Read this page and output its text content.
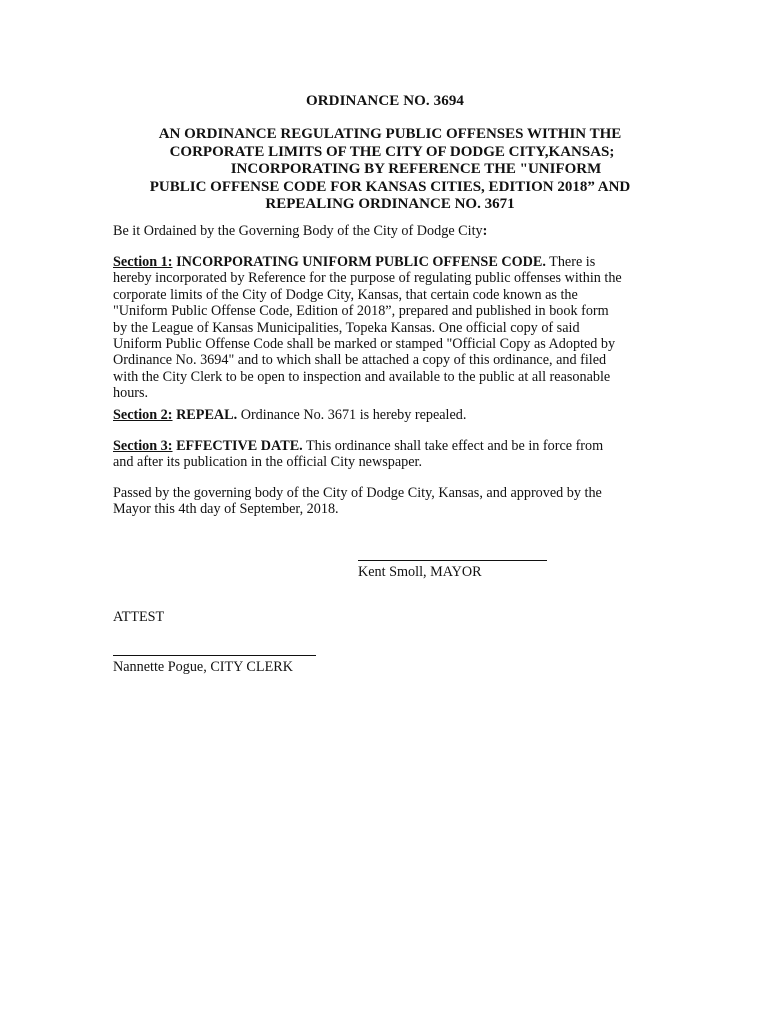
ORDINANCE NO. 3694
AN ORDINANCE REGULATING PUBLIC OFFENSES WITHIN THE
CORPORATE LIMITS OF THE CITY OF DODGE CITY,KANSAS;
INCORPORATING BY REFERENCE THE "UNIFORM
PUBLIC OFFENSE CODE FOR KANSAS CITIES, EDITION 2018” AND
REPEALING ORDINANCE NO. 3671
Be it Ordained by the Governing Body of the City of Dodge City:
Section 1: INCORPORATING UNIFORM PUBLIC OFFENSE CODE. There is
hereby incorporated by Reference for the purpose of regulating public offenses within the
corporate limits of the City of Dodge City, Kansas, that certain code known as the
"Uniform Public Offense Code, Edition of 2018”, prepared and published in book form
by the League of Kansas Municipalities, Topeka Kansas. One official copy of said
Uniform Public Offense Code shall be marked or stamped "Official Copy as Adopted by
Ordinance No. 3694" and to which shall be attached a copy of this ordinance, and filed
with the City Clerk to be open to inspection and available to the public at all reasonable
hours.
Section 2: REPEAL. Ordinance No. 3671 is hereby repealed.
Section 3: EFFECTIVE DATE. This ordinance shall take effect and be in force from
and after its publication in the official City newspaper.
Passed by the governing body of the City of Dodge City, Kansas, and approved by the
Mayor this 4th day of September, 2018.
Kent Smoll, MAYOR
ATTEST
Nannette Pogue, CITY CLERK
